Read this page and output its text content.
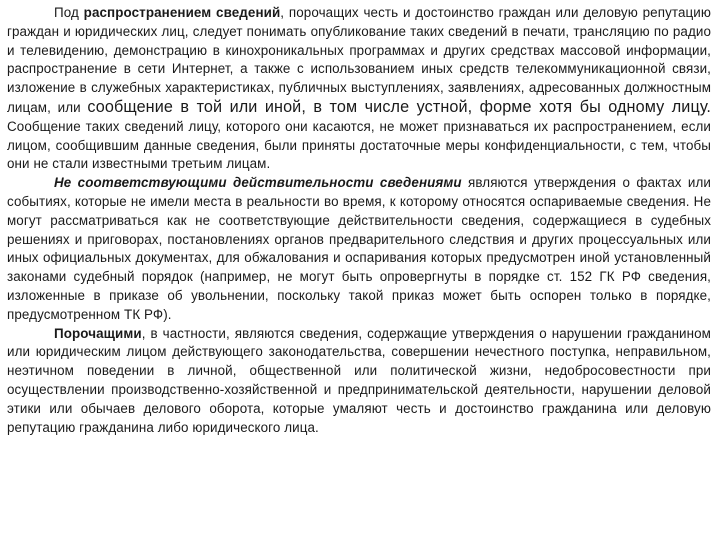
Под распространением сведений, порочащих честь и достоинство граждан или деловую репутацию граждан и юридических лиц, следует понимать опубликование таких сведений в печати, трансляцию по радио и телевидению, демонстрацию в кинохроникальных программах и других средствах массовой информации, распространение в сети Интернет, а также с использованием иных средств телекоммуникационной связи, изложение в служебных характеристиках, публичных выступлениях, заявлениях, адресованных должностным лицам, или сообщение в той или иной, в том числе устной, форме хотя бы одному лицу. Сообщение таких сведений лицу, которого они касаются, не может признаваться их распространением, если лицом, сообщившим данные сведения, были приняты достаточные меры конфиденциальности, с тем, чтобы они не стали известными третьим лицам.

Не соответствующими действительности сведениями являются утверждения о фактах или событиях, которые не имели места в реальности во время, к которому относятся оспариваемые сведения. Не могут рассматриваться как не соответствующие действительности сведения, содержащиеся в судебных решениях и приговорах, постановлениях органов предварительного следствия и других процессуальных или иных официальных документах, для обжалования и оспаривания которых предусмотрен иной установленный законами судебный порядок (например, не могут быть опровергнуты в порядке ст. 152 ГК РФ сведения, изложенные в приказе об увольнении, поскольку такой приказ может быть оспорен только в порядке, предусмотренном ТК РФ).

Порочащими, в частности, являются сведения, содержащие утверждения о нарушении гражданином или юридическим лицом действующего законодательства, совершении нечестного поступка, неправильном, неэтичном поведении в личной, общественной или политической жизни, недобросовестности при осуществлении производственно-хозяйственной и предпринимательской деятельности, нарушении деловой этики или обычаев делового оборота, которые умаляют честь и достоинство гражданина или деловую репутацию гражданина либо юридического лица.
